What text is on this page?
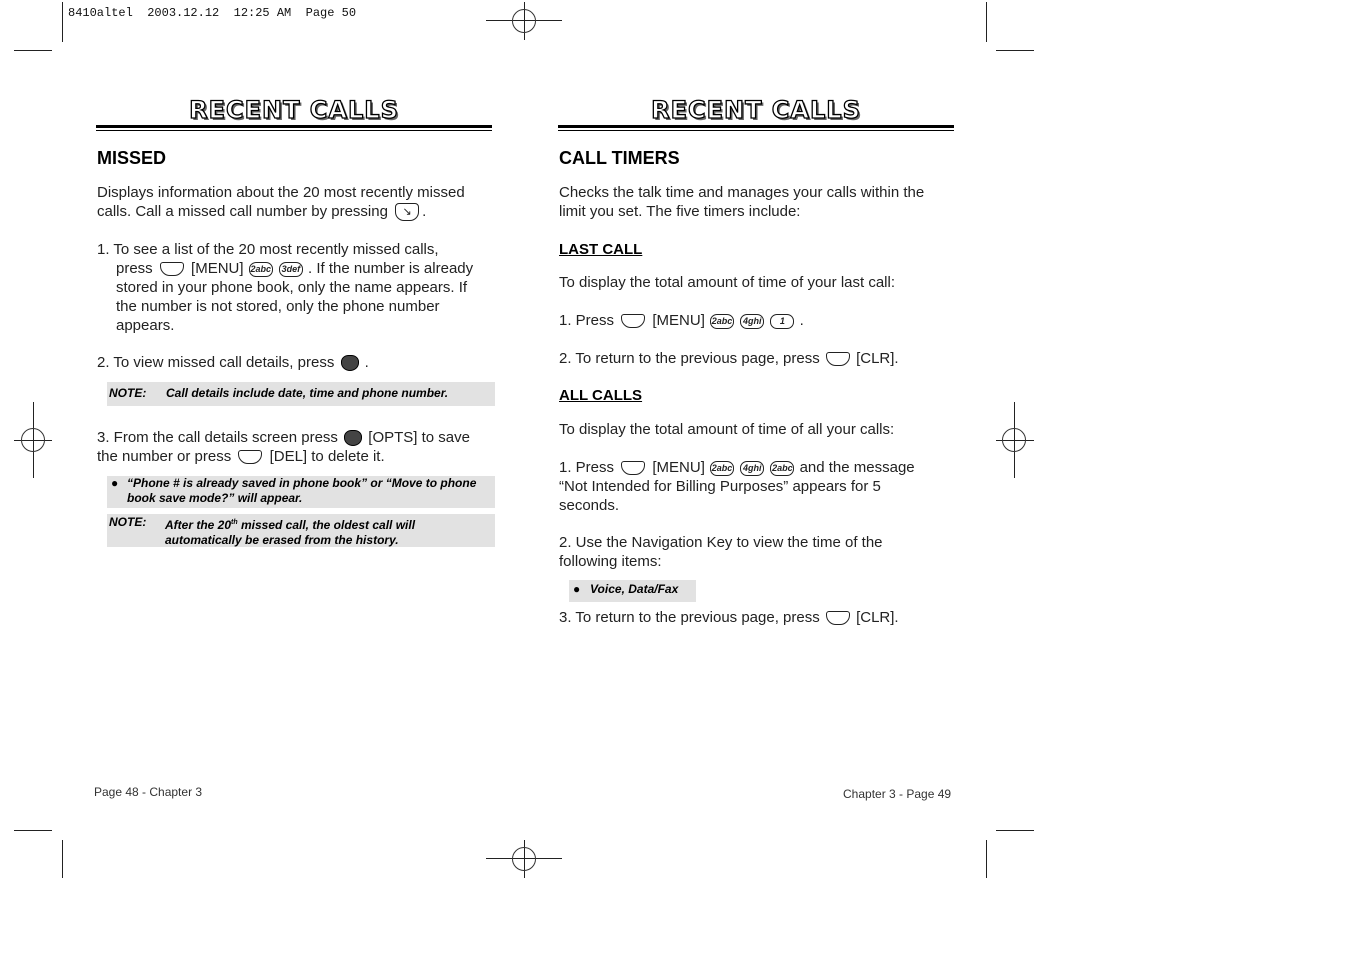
8410altel  2003.12.12  12:25 AM  Page 50
RECENT CALLS
MISSED
Displays information about the 20 most recently missed calls. Call a missed call number by pressing ↘ .
1. To see a list of the 20 most recently missed calls,
press	[MENU] 2abc 3def . If the number is already stored in your phone book, only the name appears. If the number is not stored, only the phone number appears.
2. To view missed call details, press .
NOTE: Call details include date, time and phone number.
3. From the call details screen press [OPTS] to save the number or press	[DEL] to delete it.
● “Phone # is already saved in phone book” or “Move to phone book save mode?” will appear.
NOTE: After the 20th missed call, the oldest call will automatically be erased from the history.
Page 48 - Chapter 3
RECENT CALLS
CALL TIMERS
Checks the talk time and manages your calls within the limit you set. The five timers include:
LAST CALL
To display the total amount of time of your last call:
1. Press	[MENU] 2abc 4ghi 1 .
2. To return to the previous page, press [CLR].
ALL CALLS
To display the total amount of time of all your calls:
1. Press	[MENU] 2abc 4ghi 2abc and the message “Not Intended for Billing Purposes” appears for 5 seconds.
2. Use the Navigation Key to view the time of the following items:
● Voice, Data/Fax
3. To return to the previous page, press [CLR].
Chapter 3 - Page 49
